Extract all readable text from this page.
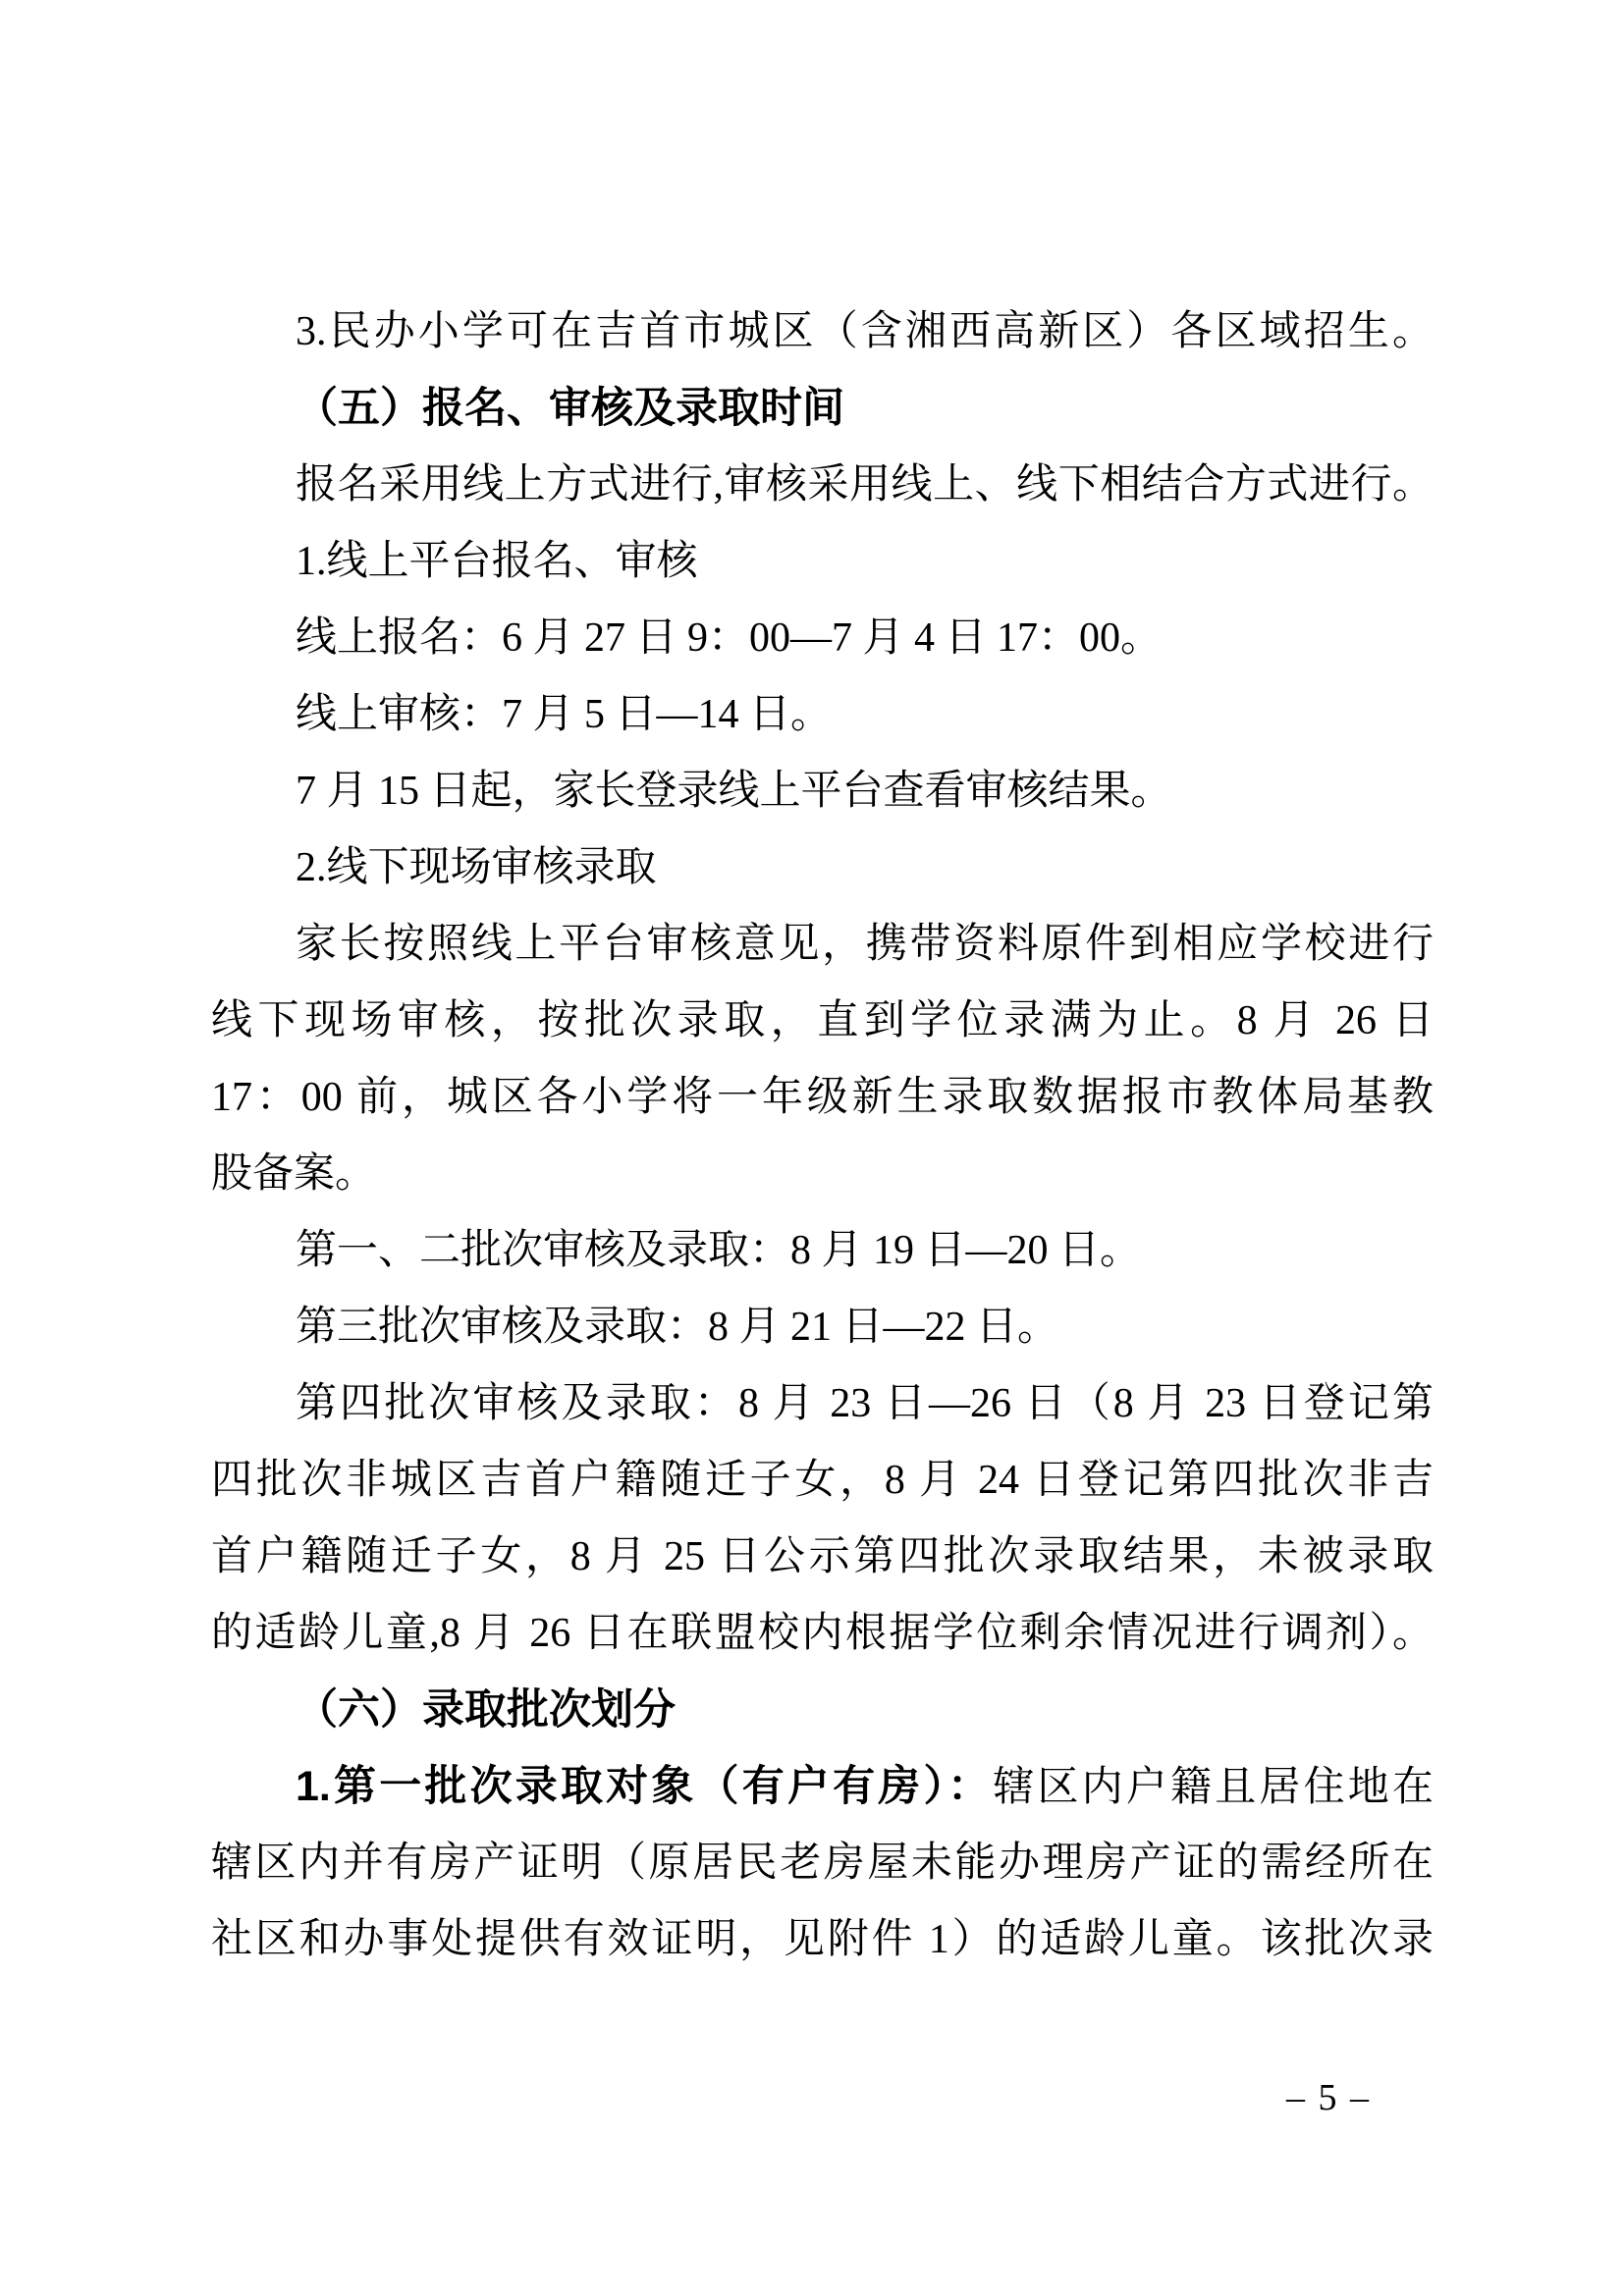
3.民办小学可在吉首市城区（含湘西高新区）各区域招生。
（五）报名、审核及录取时间
报名采用线上方式进行,审核采用线上、线下相结合方式进行。
1.线上平台报名、审核
线上报名：6 月 27 日 9：00—7 月 4 日 17：00。
线上审核：7 月 5 日—14 日。
7 月 15 日起，家长登录线上平台查看审核结果。
2.线下现场审核录取
家长按照线上平台审核意见，携带资料原件到相应学校进行
线下现场审核，按批次录取，直到学位录满为止。8 月 26 日
17：00 前，城区各小学将一年级新生录取数据报市教体局基教
股备案。
第一、二批次审核及录取：8 月 19 日—20 日。
第三批次审核及录取：8 月 21 日—22 日。
第四批次审核及录取：8 月 23 日—26 日（8 月 23 日登记第
四批次非城区吉首户籍随迁子女，8 月 24 日登记第四批次非吉
首户籍随迁子女，8 月 25 日公示第四批次录取结果，未被录取
的适龄儿童,8 月 26 日在联盟校内根据学位剩余情况进行调剂）。
（六）录取批次划分
1.第一批次录取对象（有户有房）：辖区内户籍且居住地在
辖区内并有房产证明（原居民老房屋未能办理房产证的需经所在
社区和办事处提供有效证明，见附件 1）的适龄儿童。该批次录
– 5 –
